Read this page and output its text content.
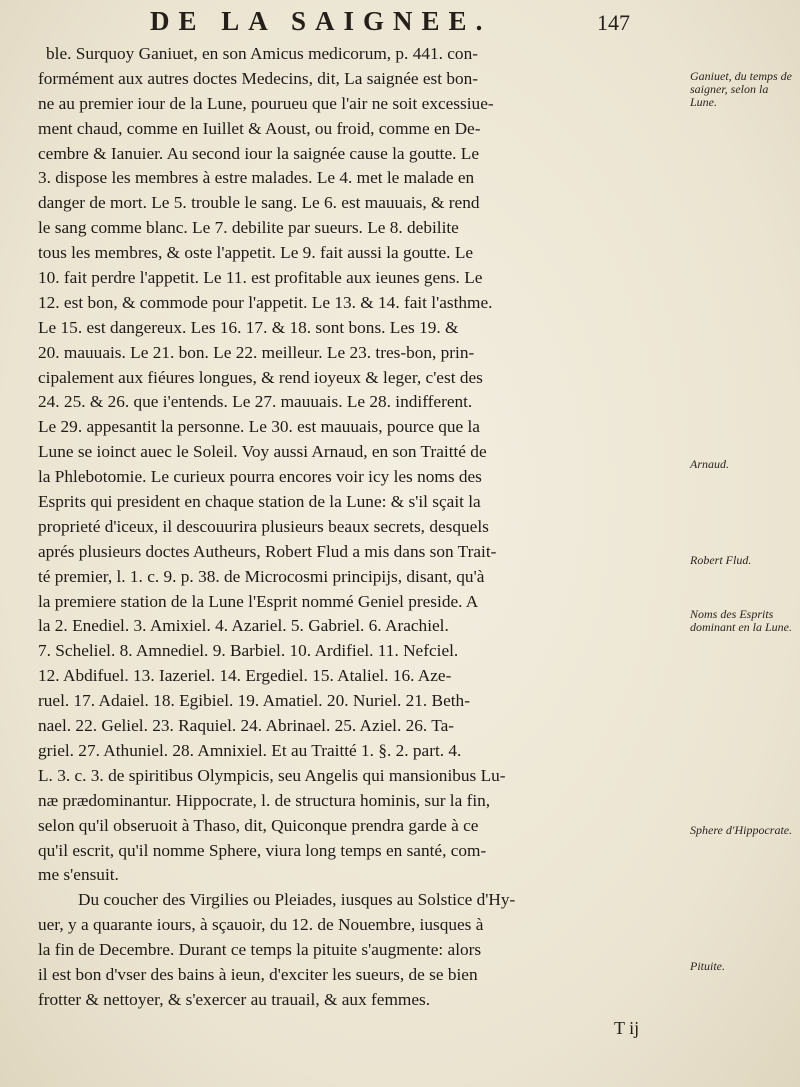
DE LA SAIGNEE.	147
ble. Surquoy Ganiuet, en son Amicus medicorum, p. 441. con-
formément aux autres doctes Medecins, dit, La saignée est bon-
ne au premier iour de la Lune, pourueu que l'air ne soit excessiue-
ment chaud, comme en Iuillet & Aoust, ou froid, comme en De-
cembre & Ianuier. Au second iour la saignée cause la goutte. Le
3. dispose les membres à estre malades. Le 4. met le malade en
danger de mort. Le 5. trouble le sang. Le 6. est mauuais, & rend
le sang comme blanc. Le 7. debilite par sueurs. Le 8. debilite
tous les membres, & oste l'appetit. Le 9. fait aussi la goutte. Le
10. fait perdre l'appetit. Le 11. est profitable aux ieunes gens. Le
12. est bon, & commode pour l'appetit. Le 13. & 14. fait l'asthme.
Le 15. est dangereux. Les 16. 17. & 18. sont bons. Les 19. &
20. mauuais. Le 21. bon. Le 22. meilleur. Le 23. tres-bon, prin-
cipalement aux fiéures longues, & rend ioyeux & leger, c'est des
24. 25. & 26. que i'entends. Le 27. mauuais. Le 28. indifferent.
Le 29. appesantit la personne. Le 30. est mauuais, pource que la
Lune se ioinct auec le Soleil. Voy aussi Arnaud, en son Traitté de
la Phlebotomie. Le curieux pourra encores voir icy les noms des
Esprits qui president en chaque station de la Lune: & s'il sçait la
proprieté d'iceux, il descouurira plusieurs beaux secrets, desquels
aprés plusieurs doctes Autheurs, Robert Flud a mis dans son Trait-
té premier, l. 1. c. 9. p. 38. de Microcosmi principijs, disant, qu'à
la premiere station de la Lune l'Esprit nommé Geniel preside. A
la 2. Enediel. 3. Amixiel. 4. Azariel. 5. Gabriel. 6. Arachiel.
7. Scheliel. 8. Amnediel. 9. Barbiel. 10. Ardifiel. 11. Nefciel.
12. Abdifuel. 13. Iazeriel. 14. Ergediel. 15. Ataliel. 16. Aze-
ruel. 17. Adaiel. 18. Egibiel. 19. Amatiel. 20. Nuriel. 21. Beth-
nael. 22. Geliel. 23. Raquiel. 24. Abrinael. 25. Aziel. 26. Ta-
griel. 27. Athuniel. 28. Amnixiel. Et au Traitté 1. §. 2. part. 4.
L. 3. c. 3. de spiritibus Olympicis, seu Angelis qui mansionibus Lu-
næ prædominantur. Hippocrate, l. de structura hominis, sur la fin,
selon qu'il obseruoit à Thaso, dit, Quiconque prendra garde à ce
qu'il escrit, qu'il nomme Sphere, viura long temps en santé, com-
me s'ensuit.
Du coucher des Virgilies ou Pleiades, iusques au Solstice d'Hy-
uer, y a quarante iours, à sçauoir, du 12. de Nouembre, iusques à
la fin de Decembre. Durant ce temps la pituite s'augmente: alors
il est bon d'vser des bains à ieun, d'exciter les sueurs, de se bien
frotter & nettoyer, & s'exercer au trauail, & aux femmes.
Ganiuet, du temps de saigner, selon la Lune.
Arnaud.
Robert Flud.
Noms des Esprits dominant en la Lune.
Sphere d'Hippocrate.
Pituite.
T ij
